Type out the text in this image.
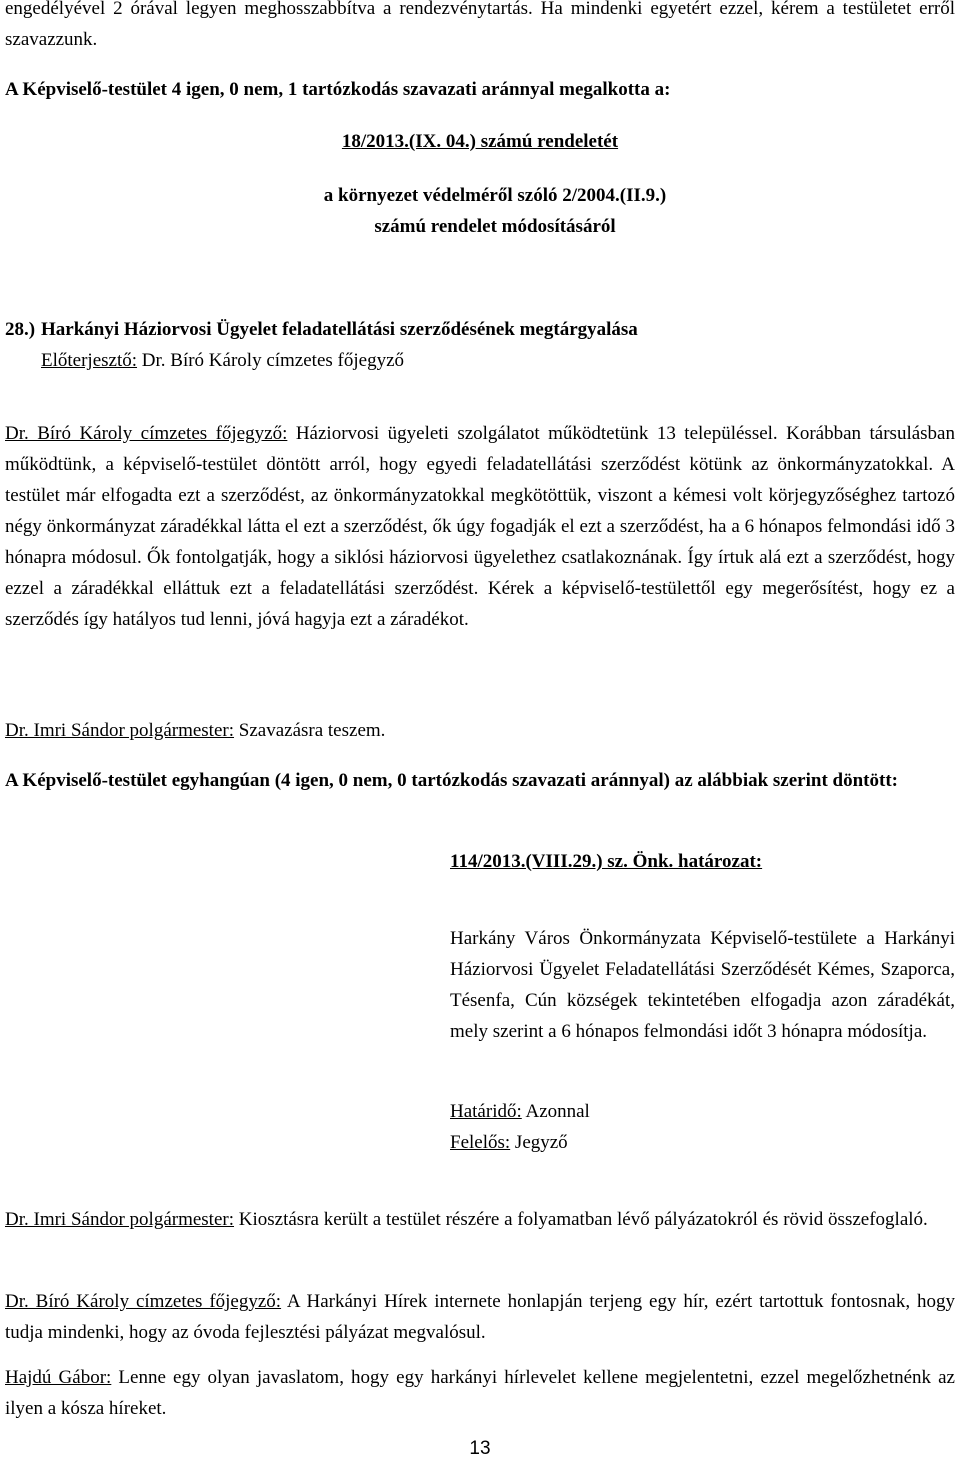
engedélyével 2 órával legyen meghosszabbítva a rendezvénytartás. Ha mindenki egyetért ezzel, kérem a testületet erről szavazzunk.

A Képviselő-testület 4 igen, 0 nem, 1 tartózkodás szavazati aránnyal megalkotta a:

18/2013.(IX. 04.) számú rendeletét

a környezet védelméről szóló 2/2004.(II.9.) számú rendelet módosításáról

28.) Harkányi Háziorvosi Ügyelet feladatellátási szerződésének megtárgyalása
Előterjesztő: Dr. Bíró Károly címzetes főjegyző

Dr. Bíró Károly címzetes főjegyző: Háziorvosi ügyeleti szolgálatot működtetünk 13 településsel. Korábban társulásban működtünk, a képviselő-testület döntött arról, hogy egyedi feladatellátási szerződést kötünk az önkormányzatokkal. A testület már elfogadta ezt a szerződést, az önkormányzatokkal megkötöttük, viszont a kémesi volt körjegyzőséghez tartozó négy önkormányzat záradékkal látta el ezt a szerződést, ők úgy fogadják el ezt a szerződést, ha a 6 hónapos felmondási idő 3 hónapra módosul. Ők fontolgatják, hogy a siklósi háziorvosi ügyelethez csatlakoznának. Így írtuk alá ezt a szerződést, hogy ezzel a záradékkal elláttuk ezt a feladatellátási szerződést. Kérek a képviselő-testülettől egy megerősítést, hogy ez a szerződés így hatályos tud lenni, jóvá hagyja ezt a záradékot.

Dr. Imri Sándor polgármester: Szavazásra teszem.

A Képviselő-testület egyhangúan (4 igen, 0 nem, 0 tartózkodás szavazati aránnyal) az alábbiak szerint döntött:

114/2013.(VIII.29.) sz. Önk. határozat:

Harkány Város Önkormányzata Képviselő-testülete a Harkányi Háziorvosi Ügyelet Feladatellátási Szerződését Kémes, Szaporca, Tésenfa, Cún községek tekintetében elfogadja azon záradékát, mely szerint a 6 hónapos felmondási időt 3 hónapra módosítja.

Határidő: Azonnal
Felelős: Jegyző

Dr. Imri Sándor polgármester: Kiosztásra került a testület részére a folyamatban lévő pályázatokról és rövid összefoglaló.

Dr. Bíró Károly címzetes főjegyző: A Harkányi Hírek internete honlapján terjeng egy hír, ezért tartottuk fontosnak, hogy tudja mindenki, hogy az óvoda fejlesztési pályázat megvalósul.

Hajdú Gábor: Lenne egy olyan javaslatom, hogy egy harkányi hírlevelet kellene megjelentetni, ezzel megelőzhetnénk az ilyen a kósza híreket.

13
